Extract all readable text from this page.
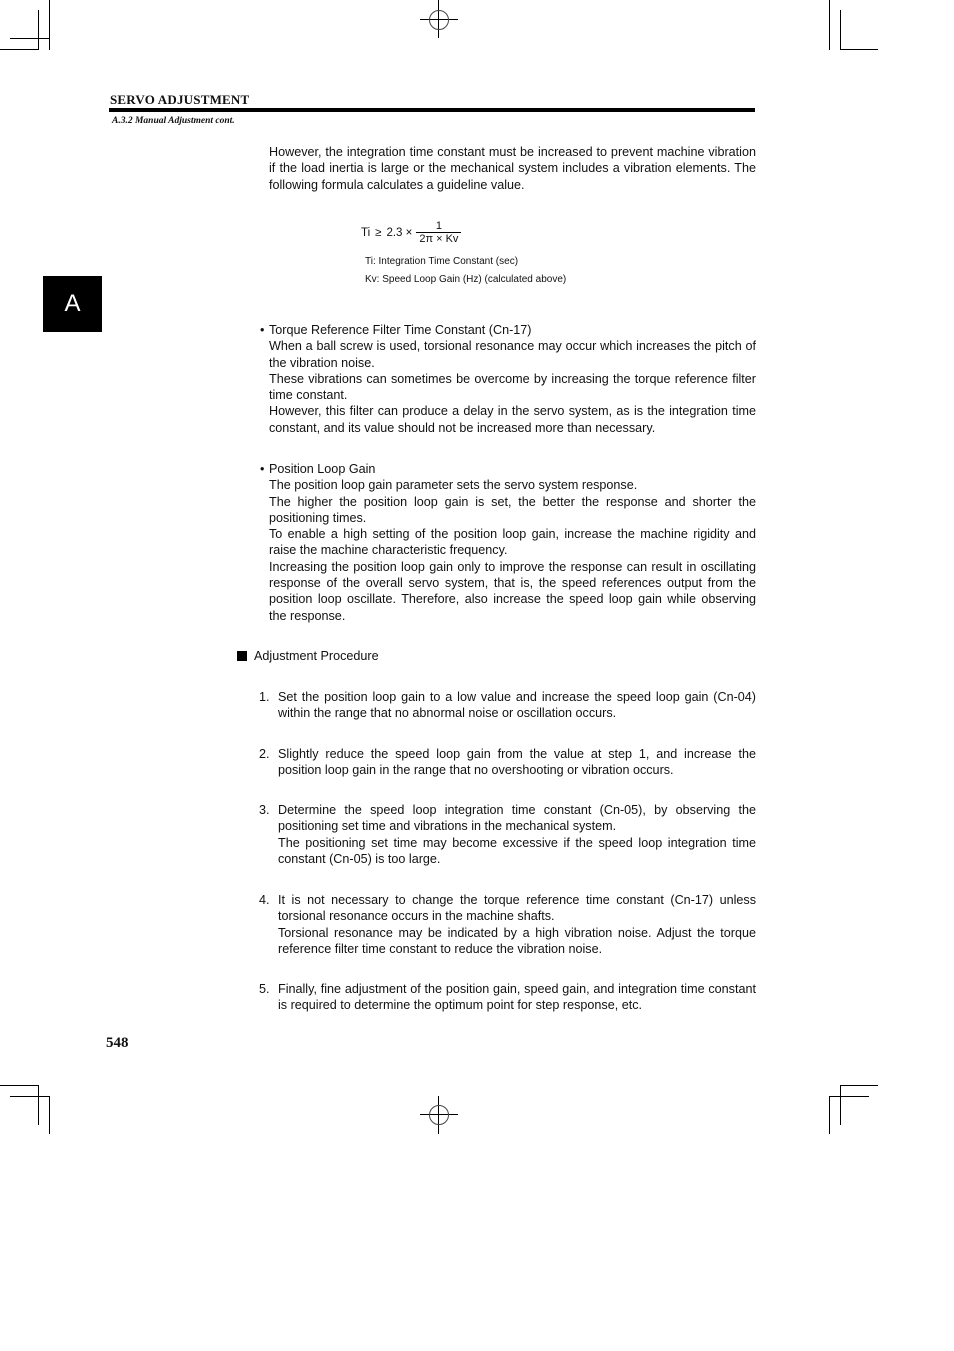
SERVO ADJUSTMENT
A.3.2 Manual Adjustment cont.
A
However, the integration time constant must be increased to prevent machine vibration if the load inertia is large or the mechanical system includes a vibration elements. The following formula calculates a guideline value.
$Ti \ge 2.3 \times \frac{1}{2\pi \times Kv}$
Ti: Integration Time Constant (sec)
Kv: Speed Loop Gain (Hz) (calculated above)
• Torque Reference Filter Time Constant (Cn-17)
When a ball screw is used, torsional resonance may occur which increases the pitch of the vibration noise.
These vibrations can sometimes be overcome by increasing the torque reference filter time constant.
However, this filter can produce a delay in the servo system, as is the integration time constant, and its value should not be increased more than necessary.
• Position Loop Gain
The position loop gain parameter sets the servo system response.
The higher the position loop gain is set, the better the response and shorter the positioning times.
To enable a high setting of the position loop gain, increase the machine rigidity and raise the machine characteristic frequency.
Increasing the position loop gain only to improve the response can result in oscillating response of the overall servo system, that is, the speed references output from the position loop oscillate. Therefore, also increase the speed loop gain while observing the response.
Adjustment Procedure
1. Set the position loop gain to a low value and increase the speed loop gain (Cn-04) within the range that no abnormal noise or oscillation occurs.
2. Slightly reduce the speed loop gain from the value at step 1, and increase the position loop gain in the range that no overshooting or vibration occurs.
3. Determine the speed loop integration time constant (Cn-05), by observing the positioning set time and vibrations in the mechanical system.
The positioning set time may become excessive if the speed loop integration time constant (Cn-05) is too large.
4. It is not necessary to change the torque reference time constant (Cn-17) unless torsional resonance occurs in the machine shafts.
Torsional resonance may be indicated by a high vibration noise. Adjust the torque reference filter time constant to reduce the vibration noise.
5. Finally, fine adjustment of the position gain, speed gain, and integration time constant is required to determine the optimum point for step response, etc.
548
